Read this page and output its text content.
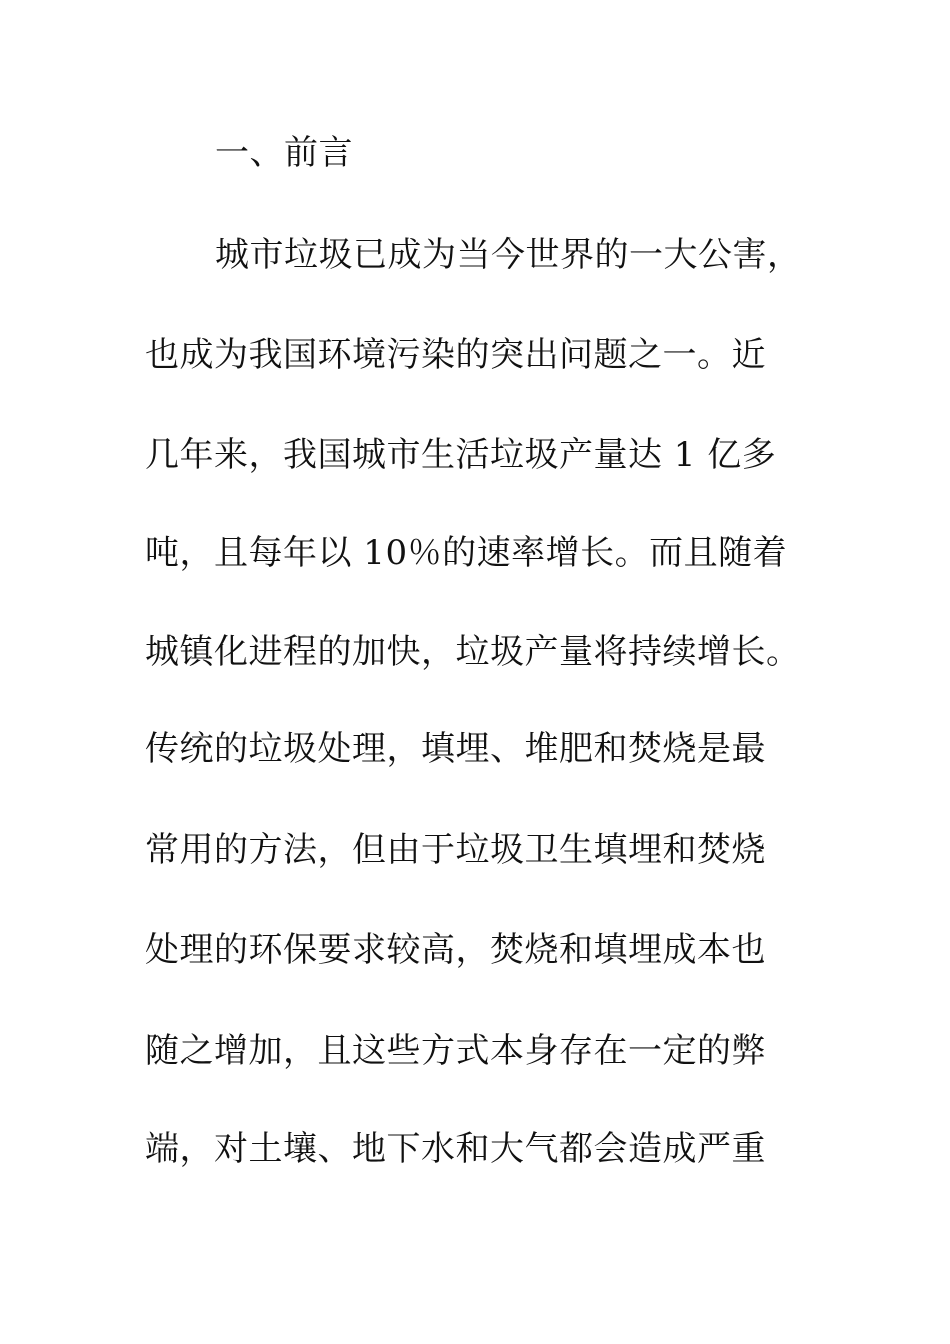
一、前言
城市垃圾已成为当今世界的一大公害，
也成为我国环境污染的突出问题之一。近
几年来，我国城市生活垃圾产量达 1 亿多
吨，且每年以 10％的速率增长。而且随着
城镇化进程的加快，垃圾产量将持续增长。
传统的垃圾处理，填埋、堆肥和焚烧是最
常用的方法，但由于垃圾卫生填埋和焚烧
处理的环保要求较高，焚烧和填埋成本也
随之增加，且这些方式本身存在一定的弊
端，对土壤、地下水和大气都会造成严重
